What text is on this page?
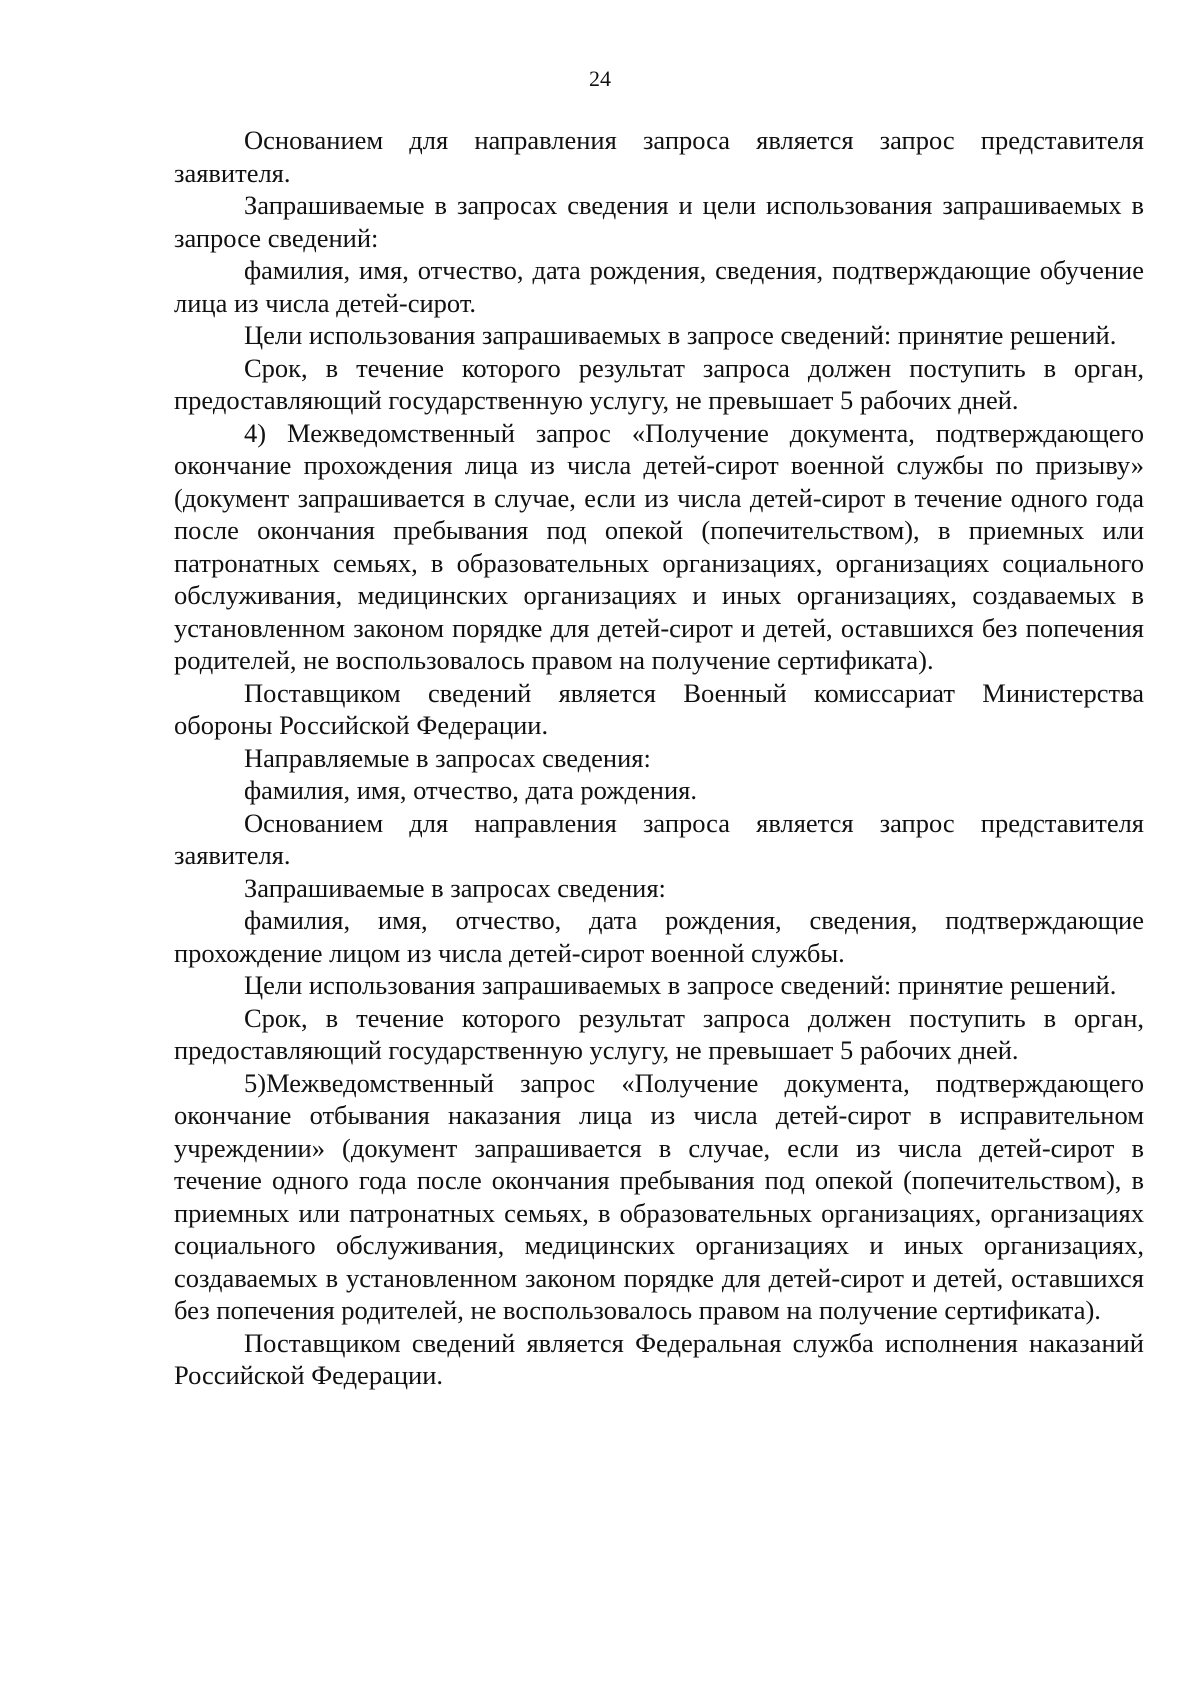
24

Основанием для направления запроса является запрос представителя заявителя.

Запрашиваемые в запросах сведения и цели использования запрашиваемых в запросе сведений:

фамилия, имя, отчество, дата рождения, сведения, подтверждающие обучение лица из числа детей-сирот.

Цели использования запрашиваемых в запросе сведений: принятие решений.

Срок, в течение которого результат запроса должен поступить в орган, предоставляющий государственную услугу, не превышает 5 рабочих дней.

4) Межведомственный запрос «Получение документа, подтверждающего окончание прохождения лица из числа детей-сирот военной службы по призыву» (документ запрашивается в случае, если из числа детей-сирот в течение одного года после окончания пребывания под опекой (попечительством), в приемных или патронатных семьях, в образовательных организациях, организациях социального обслуживания, медицинских организациях и иных организациях, создаваемых в установленном законом порядке для детей-сирот и детей, оставшихся без попечения родителей, не воспользовалось правом на получение сертификата).

Поставщиком сведений является Военный комиссариат Министерства обороны Российской Федерации.

Направляемые в запросах сведения:

фамилия, имя, отчество, дата рождения.

Основанием для направления запроса является запрос представителя заявителя.

Запрашиваемые в запросах сведения:

фамилия, имя, отчество, дата рождения, сведения, подтверждающие прохождение лицом из числа детей-сирот военной службы.

Цели использования запрашиваемых в запросе сведений: принятие решений.

Срок, в течение которого результат запроса должен поступить в орган, предоставляющий государственную услугу, не превышает 5 рабочих дней.

5)Межведомственный запрос «Получение документа, подтверждающего окончание отбывания наказания лица из числа детей-сирот в исправительном учреждении» (документ запрашивается в случае, если из числа детей-сирот в течение одного года после окончания пребывания под опекой (попечительством), в приемных или патронатных семьях, в образовательных организациях, организациях социального обслуживания, медицинских организациях и иных организациях, создаваемых в установленном законом порядке для детей-сирот и детей, оставшихся без попечения родителей, не воспользовалось правом на получение сертификата).

Поставщиком сведений является Федеральная служба исполнения наказаний Российской Федерации.
